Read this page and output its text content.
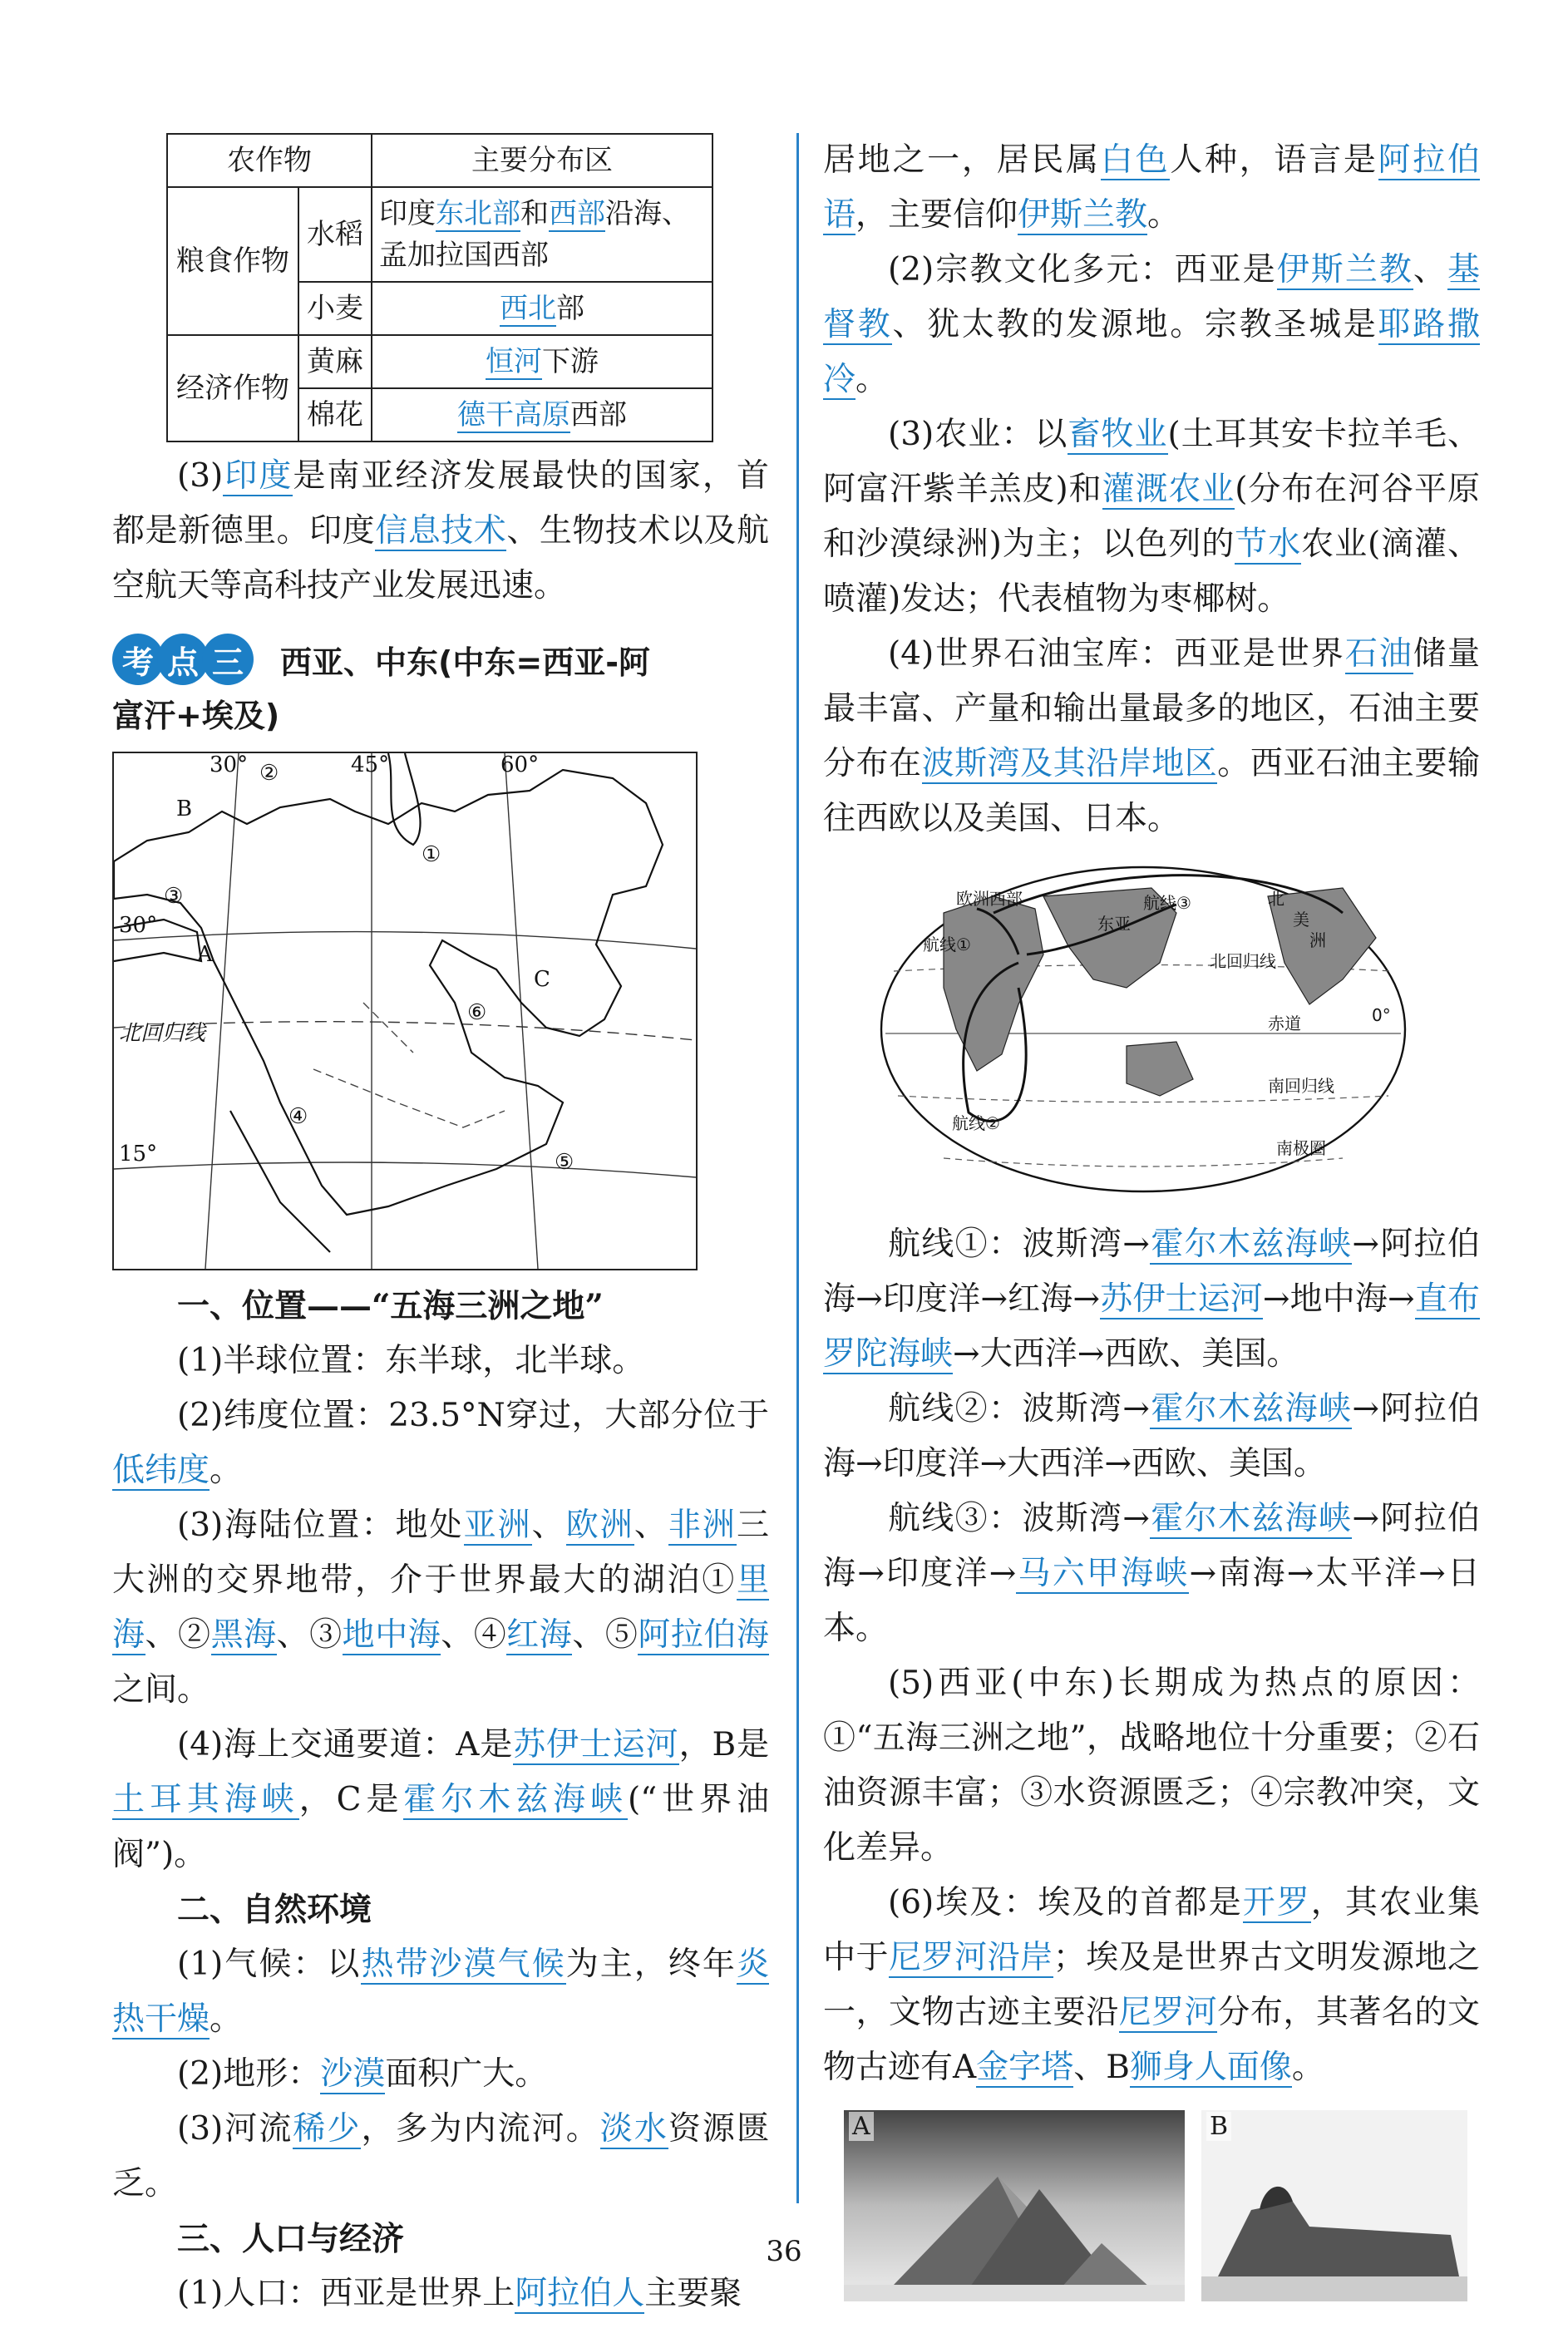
农作物		主要分布区
粮食作物	水稻	印度东北部和西部沿海、孟加拉国西部
	小麦	西北部
经济作物	黄麻	恒河下游
	棉花	德干高原西部

(3)印度是南亚经济发展最快的国家，首都是新德里。印度信息技术、生物技术以及航空航天等高科技产业发展迅速。

考 点 三	西亚、中东(中东=西亚-阿
富汗+埃及)
30°	45°	60°
30°
15°
北回归线
A
B
C
①
②
③
④
⑤
⑥

一、位置——“五海三洲之地”

(1)半球位置：东半球，北半球。

(2)纬度位置：23.5°N穿过，大部分位于低纬度。

(3)海陆位置：地处亚洲、欧洲、非洲三大洲的交界地带，介于世界最大的湖泊①里海、②黑海、③地中海、④红海、⑤阿拉伯海之间。

(4)海上交通要道：A是苏伊士运河，B是土耳其海峡，C是霍尔木兹海峡(“世界油阀”)。

二、自然环境

(1)气候：以热带沙漠气候为主，终年炎热干燥。

(2)地形：沙漠面积广大。

(3)河流稀少，多为内流河。淡水资源匮乏。

三、人口与经济

(1)人口：西亚是世界上阿拉伯人主要聚

居地之一，居民属白色人种，语言是阿拉伯语，主要信仰伊斯兰教。

(2)宗教文化多元：西亚是伊斯兰教、基督教、犹太教的发源地。宗教圣城是耶路撒冷。

(3)农业：以畜牧业(土耳其安卡拉羊毛、阿富汗紫羊羔皮)和灌溉农业(分布在河谷平原和沙漠绿洲)为主；以色列的节水农业(滴灌、喷灌)发达；代表植物为枣椰树。

(4)世界石油宝库：西亚是世界石油储量最丰富、产量和输出量最多的地区，石油主要分布在波斯湾及其沿岸地区。西亚石油主要输往西欧以及美国、日本。

欧洲西部
东亚
北
美
洲
北回归线
赤道
南回归线
南极圈
0°
航线①
航线②
航线③

航线①：波斯湾→霍尔木兹海峡→阿拉伯海→印度洋→红海→苏伊士运河→地中海→直布罗陀海峡→大西洋→西欧、美国。

航线②：波斯湾→霍尔木兹海峡→阿拉伯海→印度洋→大西洋→西欧、美国。

航线③：波斯湾→霍尔木兹海峡→阿拉伯海→印度洋→马六甲海峡→南海→太平洋→日本。

(5)西亚(中东)长期成为热点的原因：①“五海三洲之地”，战略地位十分重要；②石油资源丰富；③水资源匮乏；④宗教冲突，文化差异。

(6)埃及：埃及的首都是开罗，其农业集中于尼罗河沿岸；埃及是世界古文明发源地之一，文物古迹主要沿尼罗河分布，其著名的文物古迹有A金字塔、B狮身人面像。

A	B
36
